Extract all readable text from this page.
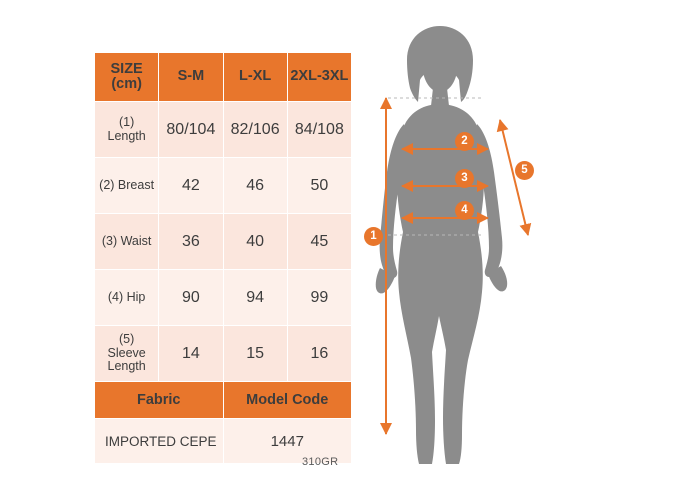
SIZE
(cm)	S-M	L-XL	2XL-3XL

(1)
Length	80/104	82/106	84/108
(2) Breast	42	46	50
(3) Waist	36	40	45
(4) Hip	90	94	99

(5)
Sleeve
Length	14	15	16
Fabric		Model Code	
IMPORTED CEPE		1447	
310GR
1
2
3
4
5
